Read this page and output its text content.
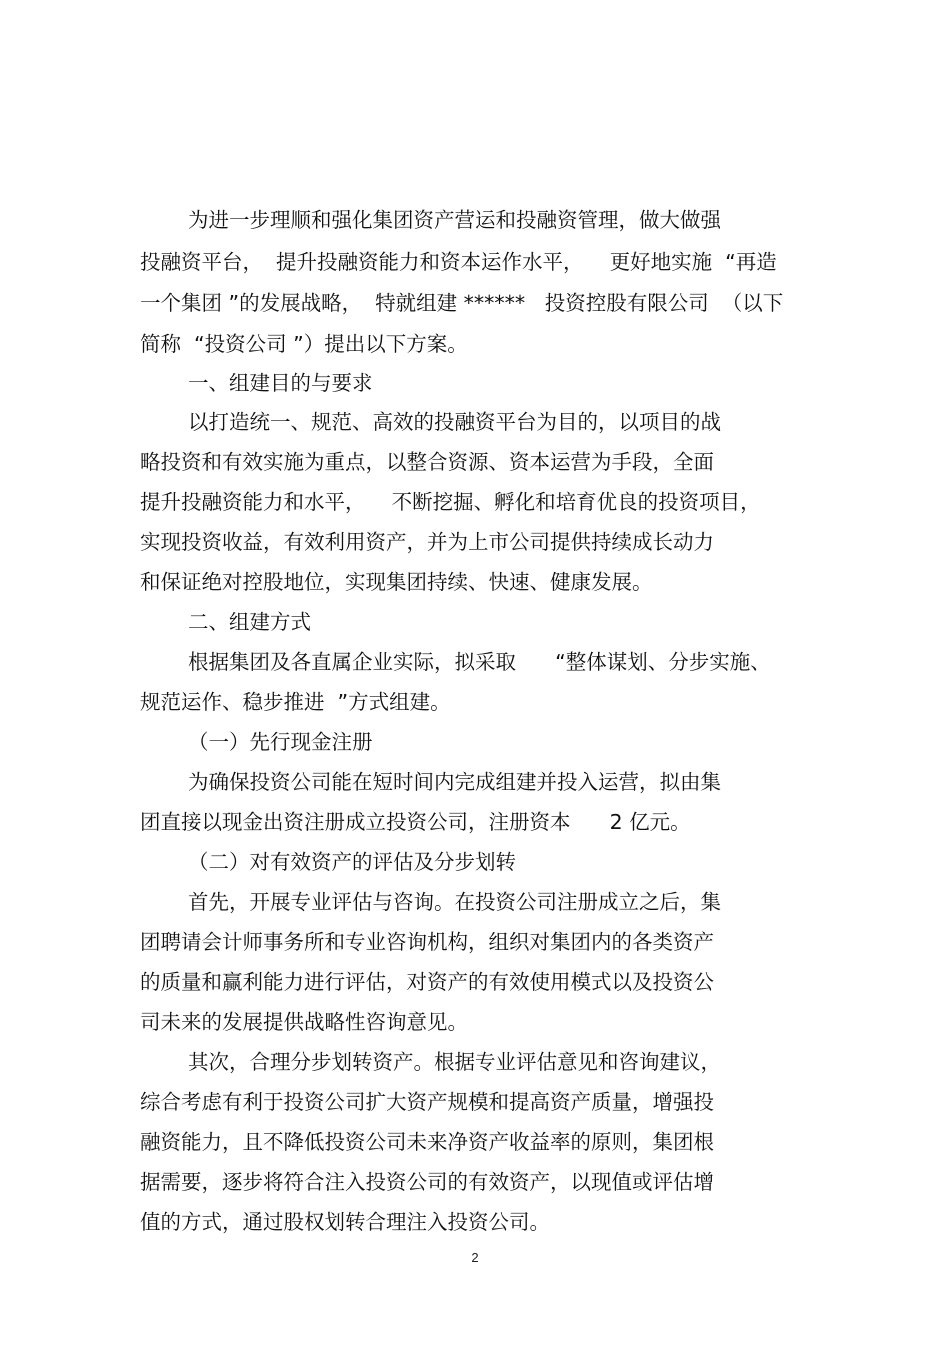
为进一步理顺和强化集团资产营运和投融资管理，做大做强
投融资平台，  提升投融资能力和资本运作水平，    更好地实施  “再造
一个集团 ”的发展战略，  特就组建 ******   投资控股有限公司  （以下
简称  “投资公司 ”）提出以下方案。
一、组建目的与要求
以打造统一、规范、高效的投融资平台为目的，以项目的战
略投资和有效实施为重点，以整合资源、资本运营为手段，全面
提升投融资能力和水平，    不断挖掘、孵化和培育优良的投资项目，
实现投资收益，有效利用资产，并为上市公司提供持续成长动力
和保证绝对控股地位，实现集团持续、快速、健康发展。
二、组建方式
根据集团及各直属企业实际，拟采取      “整体谋划、分步实施、
规范运作、稳步推进  ”方式组建。
（一）先行现金注册
为确保投资公司能在短时间内完成组建并投入运营，拟由集
团直接以现金出资注册成立投资公司，注册资本      2 亿元。
（二）对有效资产的评估及分步划转
首先，开展专业评估与咨询。在投资公司注册成立之后，集
团聘请会计师事务所和专业咨询机构，组织对集团内的各类资产
的质量和赢利能力进行评估，对资产的有效使用模式以及投资公
司未来的发展提供战略性咨询意见。
其次，合理分步划转资产。根据专业评估意见和咨询建议，
综合考虑有利于投资公司扩大资产规模和提高资产质量，增强投
融资能力，且不降低投资公司未来净资产收益率的原则，集团根
据需要，逐步将符合注入投资公司的有效资产，以现值或评估增
值的方式，通过股权划转合理注入投资公司。
2
